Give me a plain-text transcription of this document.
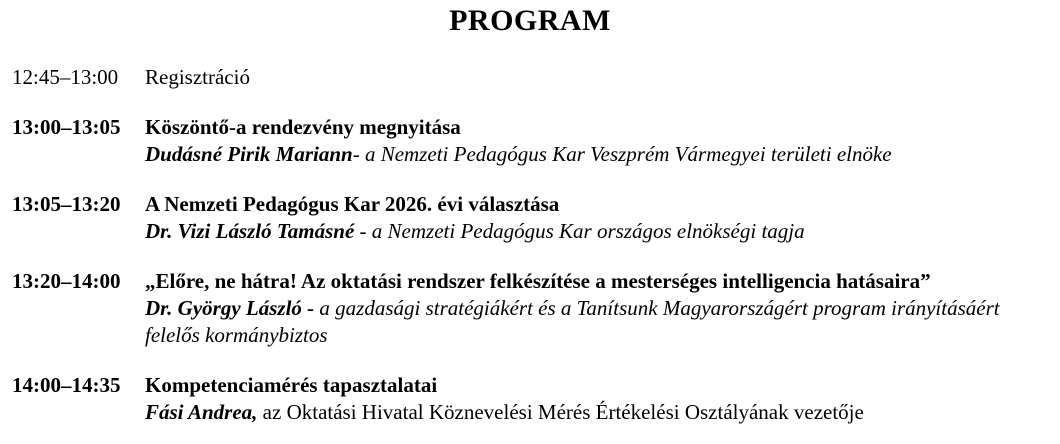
PROGRAM
12:45–13:00	Regisztráció
13:00–13:05	Köszöntő-a rendezvény megnyitása
Dudásné Pirik Mariann- a Nemzeti Pedagógus Kar Veszprém Vármegyei területi elnöke
13:05–13:20	A Nemzeti Pedagógus Kar 2026. évi választása
Dr. Vizi László Tamásné - a Nemzeti Pedagógus Kar országos elnökségi tagja
13:20–14:00	„Előre, ne hátra! Az oktatási rendszer felkészítése a mesterséges intelligencia hatásaira”
Dr. György László - a gazdasági stratégiákért és a Tanítsunk Magyarországért program irányításáért felelős kormánybiztos
14:00–14:35	Kompetenciamérés tapasztalatai
Fási Andrea, az Oktatási Hivatal Köznevelési Mérés Értékelési Osztályának vezetője
